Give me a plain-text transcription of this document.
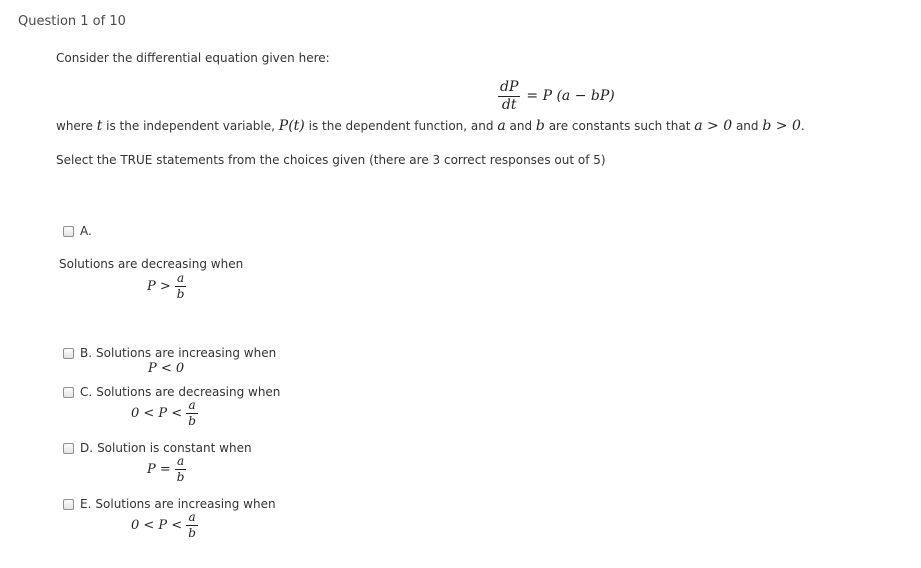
Question 1 of 10
Consider the differential equation given here:
$\frac{dP}{dt} = P$ (a − bP)
where t is the independent variable, P(t) is the dependent function, and a and b are constants such that a > 0 and b > 0.
Select the TRUE statements from the choices given (there are 3 correct responses out of 5)
A.
Solutions are decreasing when
$P > \frac{a}{b}$
B. Solutions are increasing when
P < 0
C. Solutions are decreasing when
$0 < P < \frac{a}{b}$
D. Solution is constant when
$P = \frac{a}{b}$
E. Solutions are increasing when
$0 < P < \frac{a}{b}$
